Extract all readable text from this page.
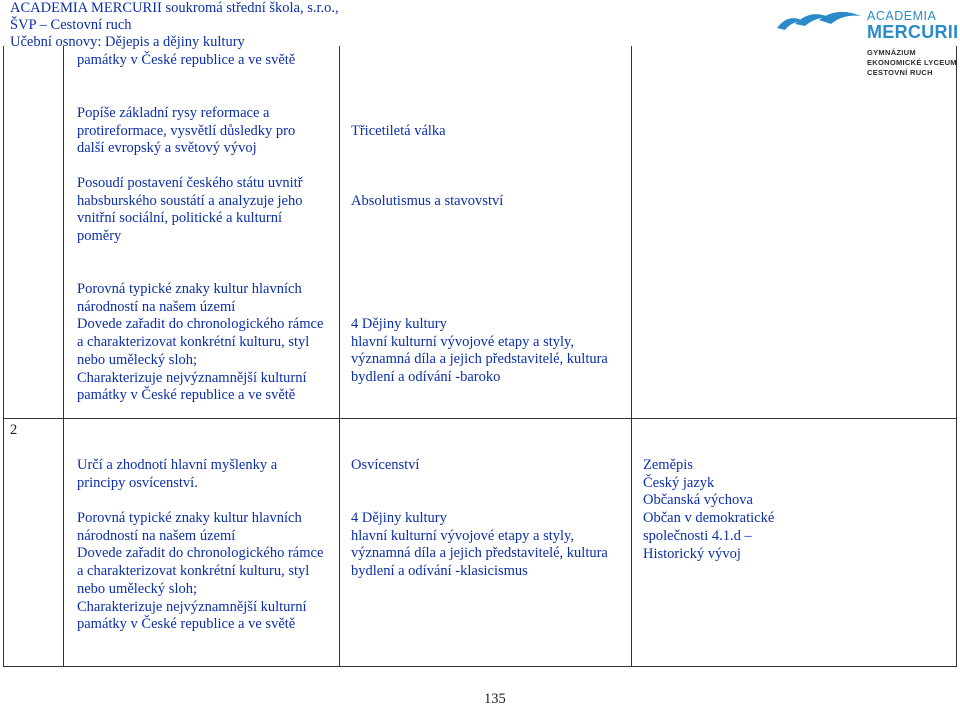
ACADEMIA MERCURII soukromá střední škola, s.r.o.,
ŠVP – Cestovní ruch
Učební osnovy: Dějepis a dějiny kultury
ACADEMIA
MERCURII
GYMNÁZIUM
EKONOMICKÉ LYCEUM
CESTOVNÍ RUCH
památky v České republice a ve světě
Popíše základní rysy reformace a
protireformace, vysvětlí důsledky pro
další evropský a světový vývoj
Posoudí postavení českého státu uvnitř
habsburského soustátí a analyzuje jeho
vnitřní sociální, politické a kulturní
poměry
Porovná typické znaky kultur hlavních
národností na našem území
Dovede zařadit do chronologického rámce
a charakterizovat konkrétní kulturu, styl
nebo umělecký sloh;
Charakterizuje nejvýznamnější kulturní
památky v České republice a ve světě
Třicetiletá válka
Absolutismus a stavovství
4 Dějiny kultury
hlavní kulturní vývojové etapy a styly,
významná díla a jejich představitelé, kultura
bydlení a odívání -baroko
2
Určí a zhodnotí hlavní myšlenky a
principy osvícenství.
Porovná typické znaky kultur hlavních
národností na našem území
Dovede zařadit do chronologického rámce
a charakterizovat konkrétní kulturu, styl
nebo umělecký sloh;
Charakterizuje nejvýznamnější kulturní
památky v České republice a ve světě
Osvícenství
4 Dějiny kultury
hlavní kulturní vývojové etapy a styly,
významná díla a jejich představitelé, kultura
bydlení a odívání -klasicismus
Zeměpis
Český jazyk
Občanská výchova
Občan v demokratické
společnosti 4.1.d –
Historický vývoj
135
